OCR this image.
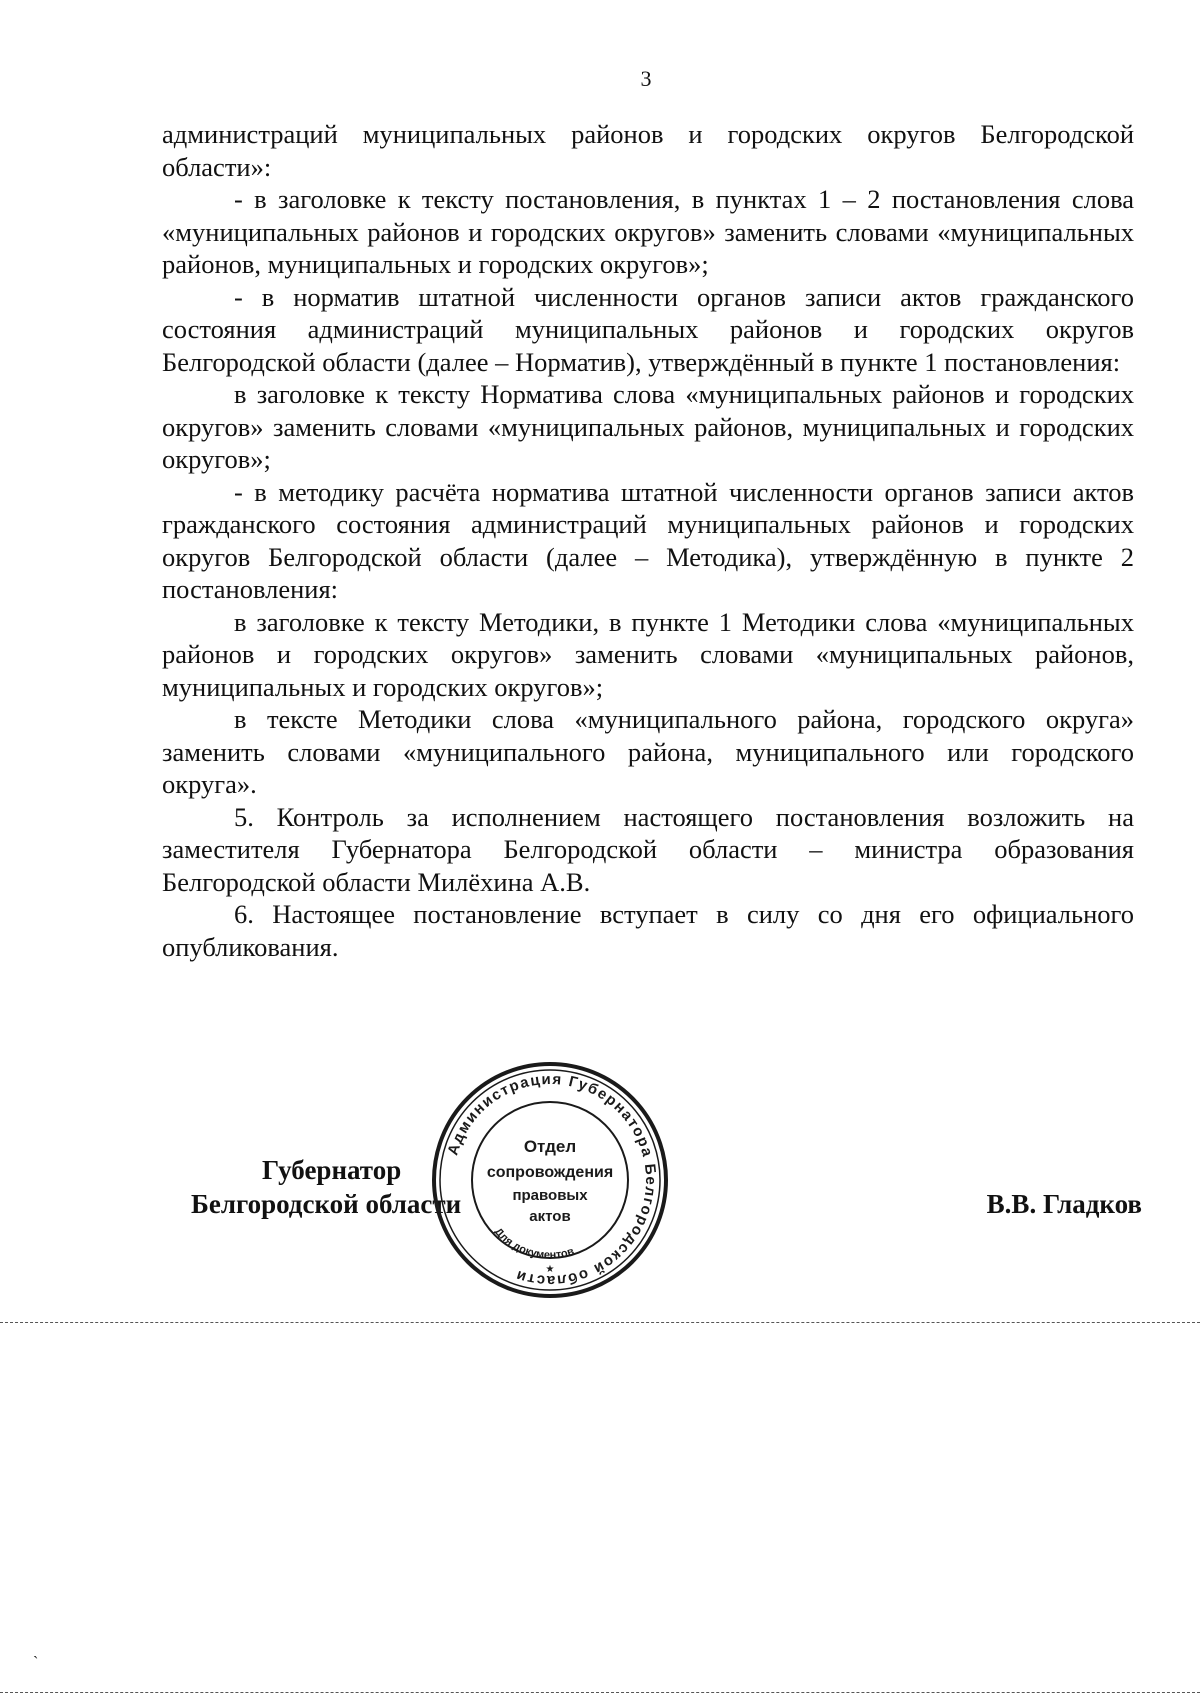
3

администраций муниципальных районов и городских округов Белгородской области»:

- в заголовке к тексту постановления, в пунктах 1 – 2 постановления слова «муниципальных районов и городских округов» заменить словами «муниципальных районов, муниципальных и городских округов»;

- в норматив штатной численности органов записи актов гражданского состояния администраций муниципальных районов и городских округов Белгородской области (далее – Норматив), утверждённый в пункте 1 постановления:

в заголовке к тексту Норматива слова «муниципальных районов и городских округов» заменить словами «муниципальных районов, муниципальных и городских округов»;

- в методику расчёта норматива штатной численности органов записи актов гражданского состояния администраций муниципальных районов и городских округов Белгородской области (далее – Методика), утверждённую в пункте 2 постановления:

в заголовке к тексту Методики, в пункте 1 Методики слова «муниципальных районов и городских округов» заменить словами «муниципальных районов, муниципальных и городских округов»;

в тексте Методики слова «муниципального района, городского округа» заменить словами «муниципального района, муниципального или городского округа».

5. Контроль за исполнением настоящего постановления возложить на заместителя Губернатора Белгородской области – министра образования Белгородской области Милёхина А.В.

6. Настоящее постановление вступает в силу со дня его официального опубликования.

Губернатор
Белгородской области	В.В. Гладков
Администрация Губернатора Белгородской области
Для документов
Отдел
сопровождения
правовых
актов
★
`
